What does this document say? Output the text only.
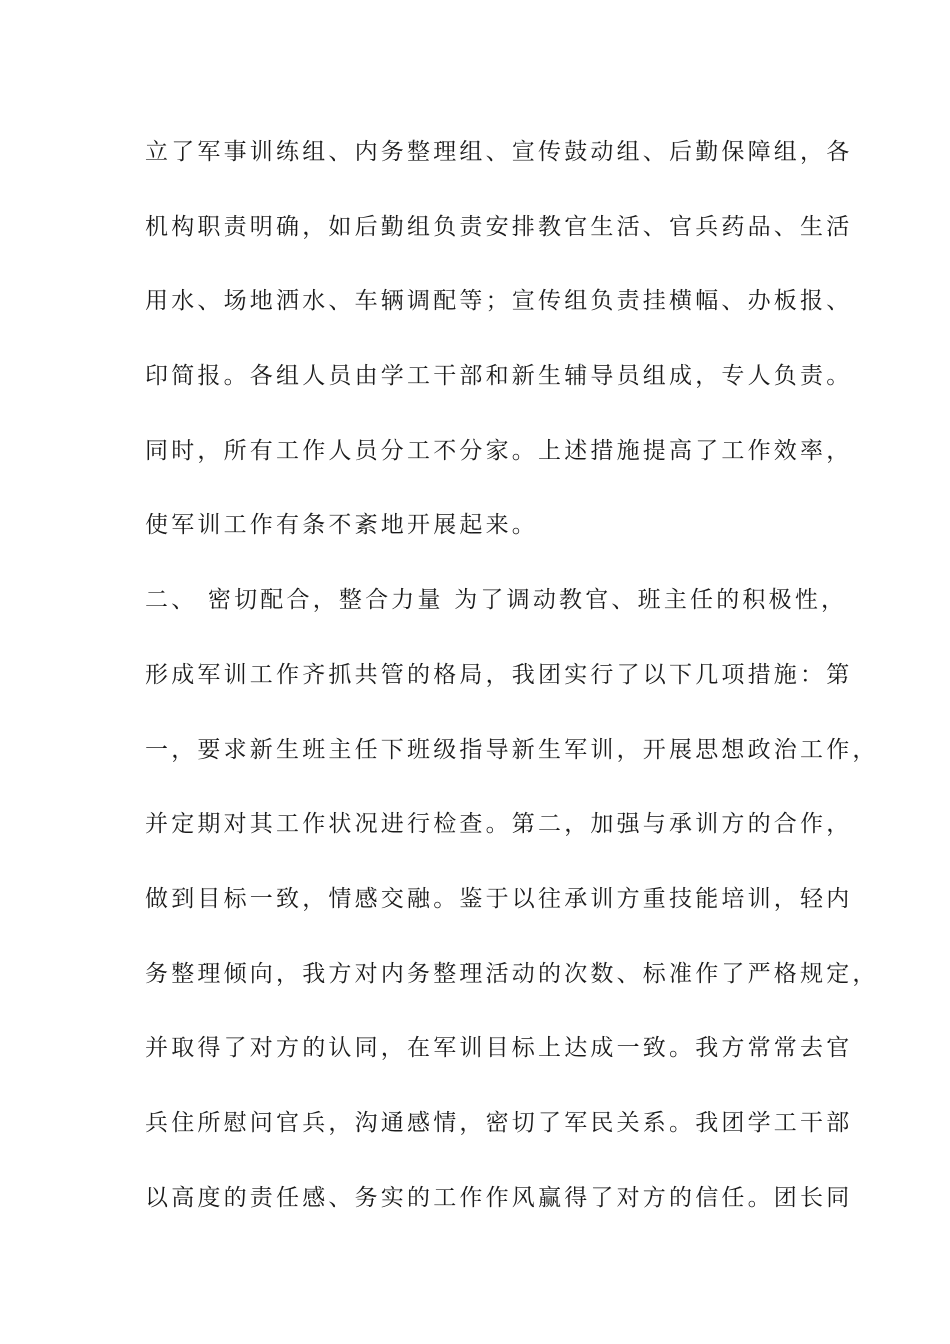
立了军事训练组、内务整理组、宣传鼓动组、后勤保障组，各
机构职责明确，如后勤组负责安排教官生活、官兵药品、生活
用水、场地洒水、车辆调配等；宣传组负责挂横幅、办板报、
印简报。各组人员由学工干部和新生辅导员组成，专人负责。
同时，所有工作人员分工不分家。上述措施提高了工作效率，
使军训工作有条不紊地开展起来。
二、 密切配合，整合力量 为了调动教官、班主任的积极性，
形成军训工作齐抓共管的格局，我团实行了以下几项措施：第
一，要求新生班主任下班级指导新生军训，开展思想政治工作，
并定期对其工作状况进行检查。第二，加强与承训方的合作，
做到目标一致，情感交融。鉴于以往承训方重技能培训，轻内
务整理倾向，我方对内务整理活动的次数、标准作了严格规定，
并取得了对方的认同，在军训目标上达成一致。我方常常去官
兵住所慰问官兵，沟通感情，密切了军民关系。我团学工干部
以高度的责任感、务实的工作作风赢得了对方的信任。团长同
